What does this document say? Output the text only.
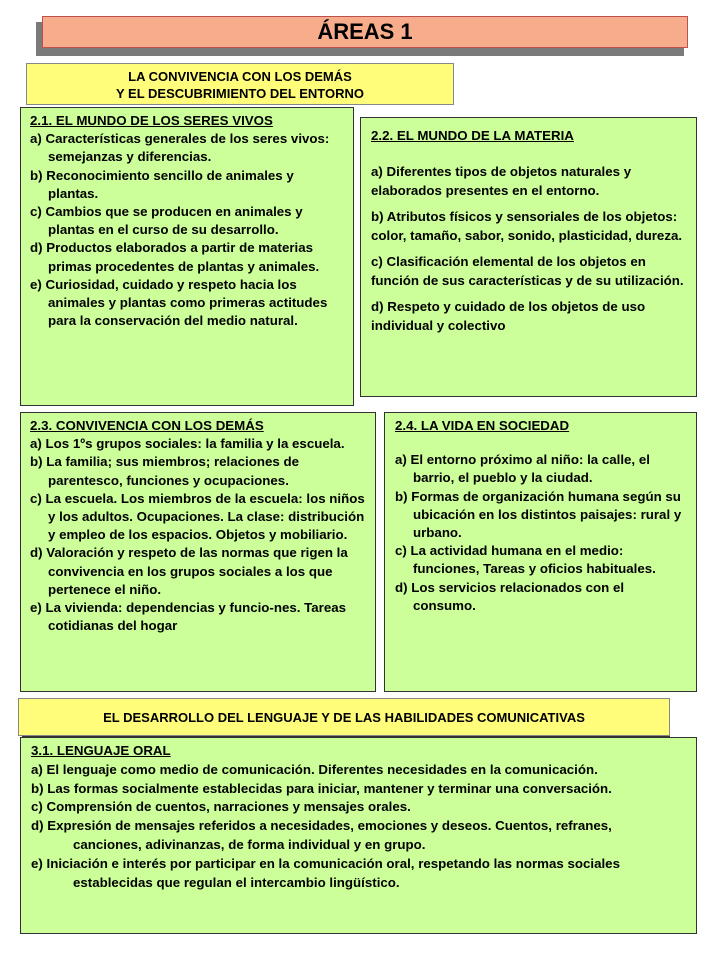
ÁREAS 1
LA CONVIVENCIA CON LOS DEMÁS
Y EL DESCUBRIMIENTO DEL ENTORNO
2.1. EL MUNDO DE LOS SERES VIVOS

a) Características generales de los seres vivos: semejanzas y diferencias.

b) Reconocimiento sencillo de animales y plantas.

c) Cambios que se producen en animales y plantas en el curso de su desarrollo.

d) Productos elaborados a partir de materias primas procedentes de plantas y animales.

e) Curiosidad, cuidado y respeto hacia los animales y plantas como primeras actitudes para la conservación del medio natural.

2.2. EL MUNDO DE LA MATERIA

a) Diferentes tipos de objetos naturales y elaborados presentes en el entorno.

b) Atributos físicos y sensoriales de los objetos: color, tamaño, sabor, sonido, plasticidad, dureza.

c) Clasificación elemental de los objetos en función de sus características y de su utilización.

d) Respeto y cuidado de los objetos de uso individual y colectivo

2.3. CONVIVENCIA CON LOS DEMÁS

a) Los 1ºs grupos sociales: la familia y la escuela.

b) La familia; sus miembros; relaciones de parentesco, funciones y ocupaciones.

c) La escuela. Los miembros de la escuela: los niños y los adultos. Ocupaciones. La clase: distribución y empleo de los espacios. Objetos y mobiliario.

d) Valoración y respeto de las normas que rigen la convivencia en los grupos sociales a los que pertenece el niño.

e) La vivienda: dependencias y funcio-nes. Tareas cotidianas del hogar

2.4. LA VIDA EN SOCIEDAD

a) El entorno próximo al niño: la calle, el barrio, el pueblo y la ciudad.

b) Formas de organización humana según su ubicación en los distintos paisajes: rural y urbano.

c) La actividad humana en el medio: funciones, Tareas y oficios habituales.

d) Los servicios relacionados con el consumo.

EL DESARROLLO DEL LENGUAJE Y DE LAS HABILIDADES COMUNICATIVAS
3.1. LENGUAJE ORAL

a) El lenguaje como medio de comunicación. Diferentes necesidades en la comunicación.

b) Las formas socialmente establecidas para iniciar, mantener y terminar una conversación.

c) Comprensión de cuentos, narraciones y mensajes orales.

d) Expresión de mensajes referidos a necesidades, emociones y deseos. Cuentos, refranes, canciones, adivinanzas, de forma individual y en grupo.

e) Iniciación e interés por participar en la comunicación oral, respetando las normas sociales establecidas que regulan el intercambio lingüístico.
